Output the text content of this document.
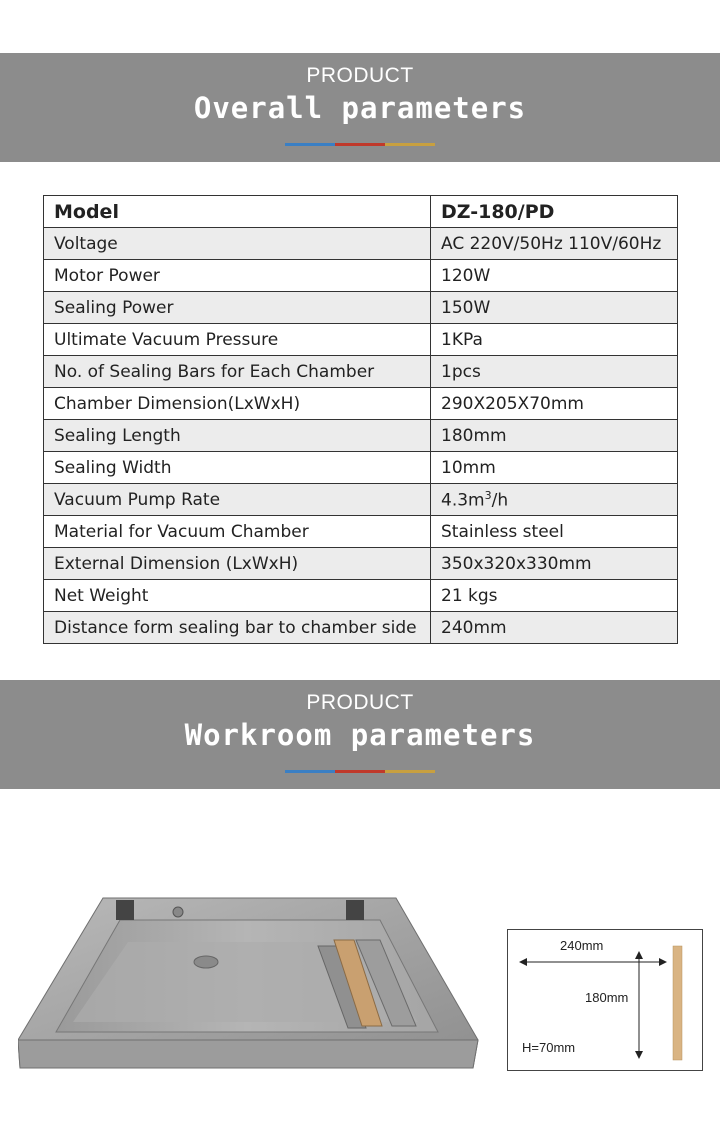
PRODUCT
Overall parameters
Model	DZ-180/PD
Voltage	AC 220V/50Hz 110V/60Hz
Motor Power	120W
Sealing Power	150W
Ultimate Vacuum Pressure	1KPa
No. of Sealing Bars for Each Chamber	1pcs
Chamber Dimension(LxWxH)	290X205X70mm
Sealing Length	180mm
Sealing Width	10mm
Vacuum Pump Rate	$4.3m^3/h$
Material for Vacuum Chamber	Stainless steel
External Dimension (LxWxH)	350x320x330mm
Net Weight	21 kgs
Distance form sealing bar to chamber side	240mm
PRODUCT
Workroom parameters
240mm
180mm
H=70mm
